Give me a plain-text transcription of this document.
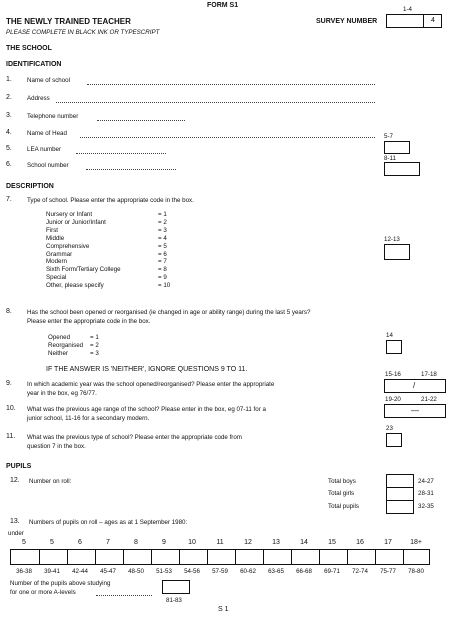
FORM S1
1-4
THE NEWLY TRAINED TEACHER	SURVEY NUMBER	4
PLEASE COMPLETE IN BLACK INK OR TYPESCRIPT
THE SCHOOL
IDENTIFICATION
1. Name of school
2. Address
3. Telephone number
4. Name of Head	5-7
5. LEA number
8-11
6. School number
DESCRIPTION
7. Type of school. Please enter the appropriate code in the box.
Nursery or Infant	= 1
Junior or Junior/Infant	= 2
First	= 3
Middle	= 4
Comprehensive	= 5
Grammar	= 6
Modern	= 7
Sixth Form/Tertiary College	= 8
Special	= 9
Other, please specify	= 10
12-13
8. Has the school been opened or reorganised (ie changed in age or ability range) during the last 5 years?
Please enter the appropriate code in the box.
Opened	= 1
Reorganised = 2
Neither	= 3
14
IF THE ANSWER IS 'NEITHER', IGNORE QUESTIONS 9 TO 11.
15-16	17-18
9. In which academic year was the school opened/reorganised? Please enter the appropriate
year in the box, eg 76/77.
/
19-20	21-22
10. What was the previous age range of the school? Please enter in the box, eg 07-11 for a
junior school, 11-16 for a secondary modern.
—
23
11. What was the previous type of school? Please enter the appropriate code from
question 7 in the box.
PUPILS
12. Number on roll:	Total boys
Total girls
Total pupils
24-27
28-31
32-35
13. Numbers of pupils on roll – ages as at 1 September 1980:
under
5	5	6	7	8	9	10	11	12	13	14	15	16	17	18+
36-38	39-41	42-44	45-47	48-50	51-53	54-56	57-59	60-62	63-65	66-68	69-71	72-74	75-77	78-80
Number of the pupils above studying
for one or more A-levels
81-83
S 1
